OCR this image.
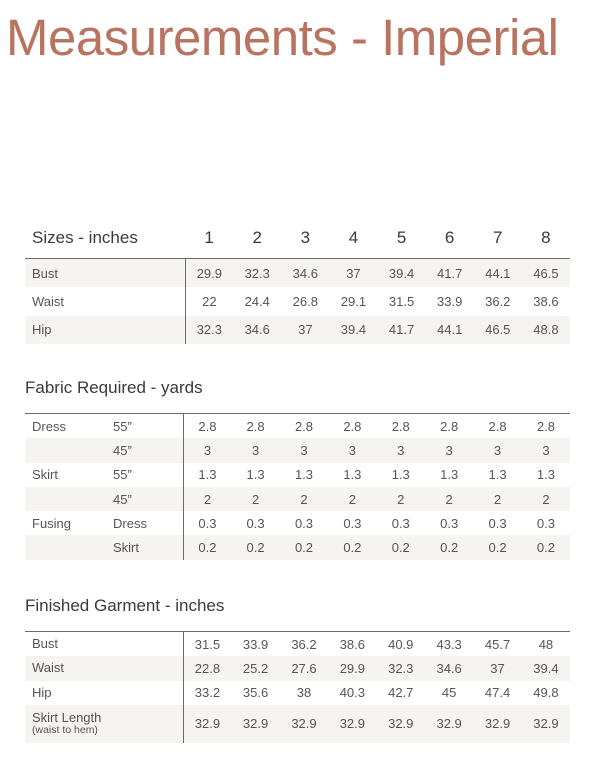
Measurements - Imperial
Sizes - inches		1	2	3	4	5	6	7	8
Bust		29.9	32.3	34.6	37	39.4	41.7	44.1	46.5
Waist		22	24.4	26.8	29.1	31.5	33.9	36.2	38.6
Hip		32.3	34.6	37	39.4	41.7	44.1	46.5	48.8
Fabric Required - yards
Dress	55”	2.8	2.8	2.8	2.8	2.8	2.8	2.8	2.8
	45”	3	3	3	3	3	3	3	3
Skirt	55”	1.3	1.3	1.3	1.3	1.3	1.3	1.3	1.3
	45”	2	2	2	2	2	2	2	2
Fusing	Dress	0.3	0.3	0.3	0.3	0.3	0.3	0.3	0.3
	Skirt	0.2	0.2	0.2	0.2	0.2	0.2	0.2	0.2
Finished Garment - inches
Bust	31.5	33.9	36.2	38.6	40.9	43.3	45.7	48
Waist	22.8	25.2	27.6	29.9	32.3	34.6	37	39.4
Hip	33.2	35.6	38	40.3	42.7	45	47.4	49.8
Skirt Length
(waist to hem)	32.9	32.9	32.9	32.9	32.9	32.9	32.9	32.9
